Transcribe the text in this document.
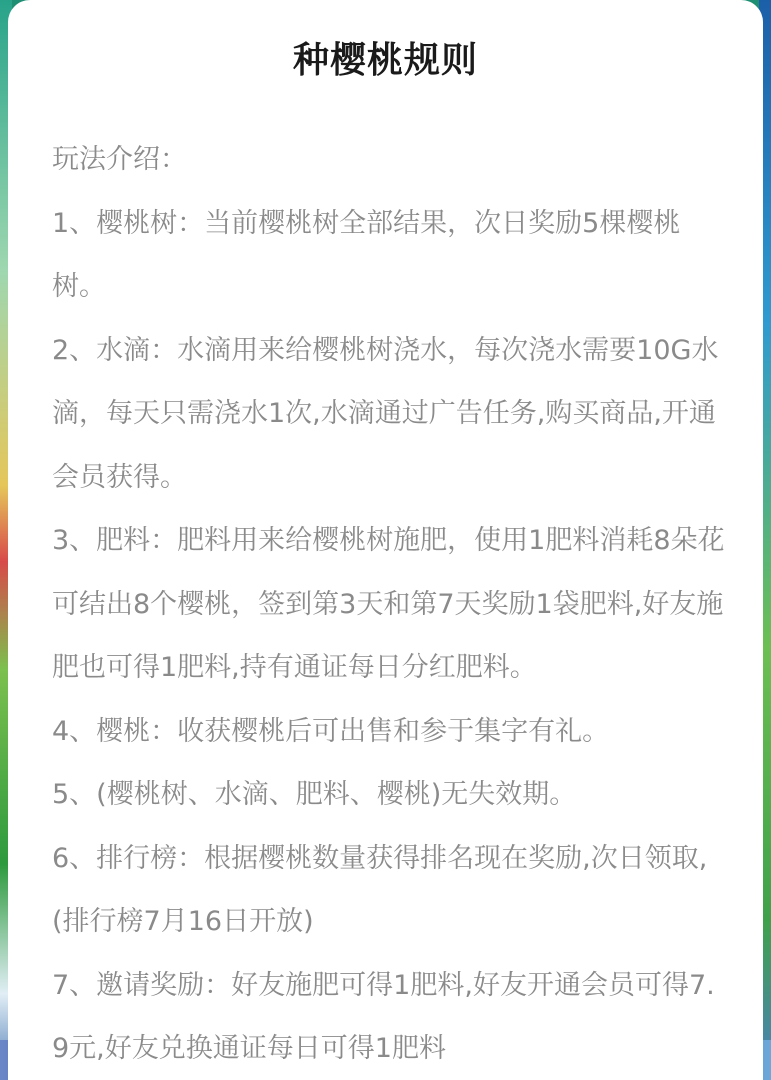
种樱桃规则

玩法介绍：

1、樱桃树：当前樱桃树全部结果，次日奖励5棵樱桃树。

2、水滴：水滴用来给樱桃树浇水，每次浇水需要10G水滴，每天只需浇水1次,水滴通过广告任务,购买商品,开通会员获得。

3、肥料：肥料用来给樱桃树施肥，使用1肥料消耗8朵花可结出8个樱桃，签到第3天和第7天奖励1袋肥料,好友施肥也可得1肥料,持有通证每日分红肥料。

4、樱桃：收获樱桃后可出售和参于集字有礼。

5、(樱桃树、水滴、肥料、樱桃)无失效期。

6、排行榜：根据樱桃数量获得排名现在奖励,次日领取,(排行榜7月16日开放)

7、邀请奖励：好友施肥可得1肥料,好友开通会员可得7.9元,好友兑换通证每日可得1肥料
